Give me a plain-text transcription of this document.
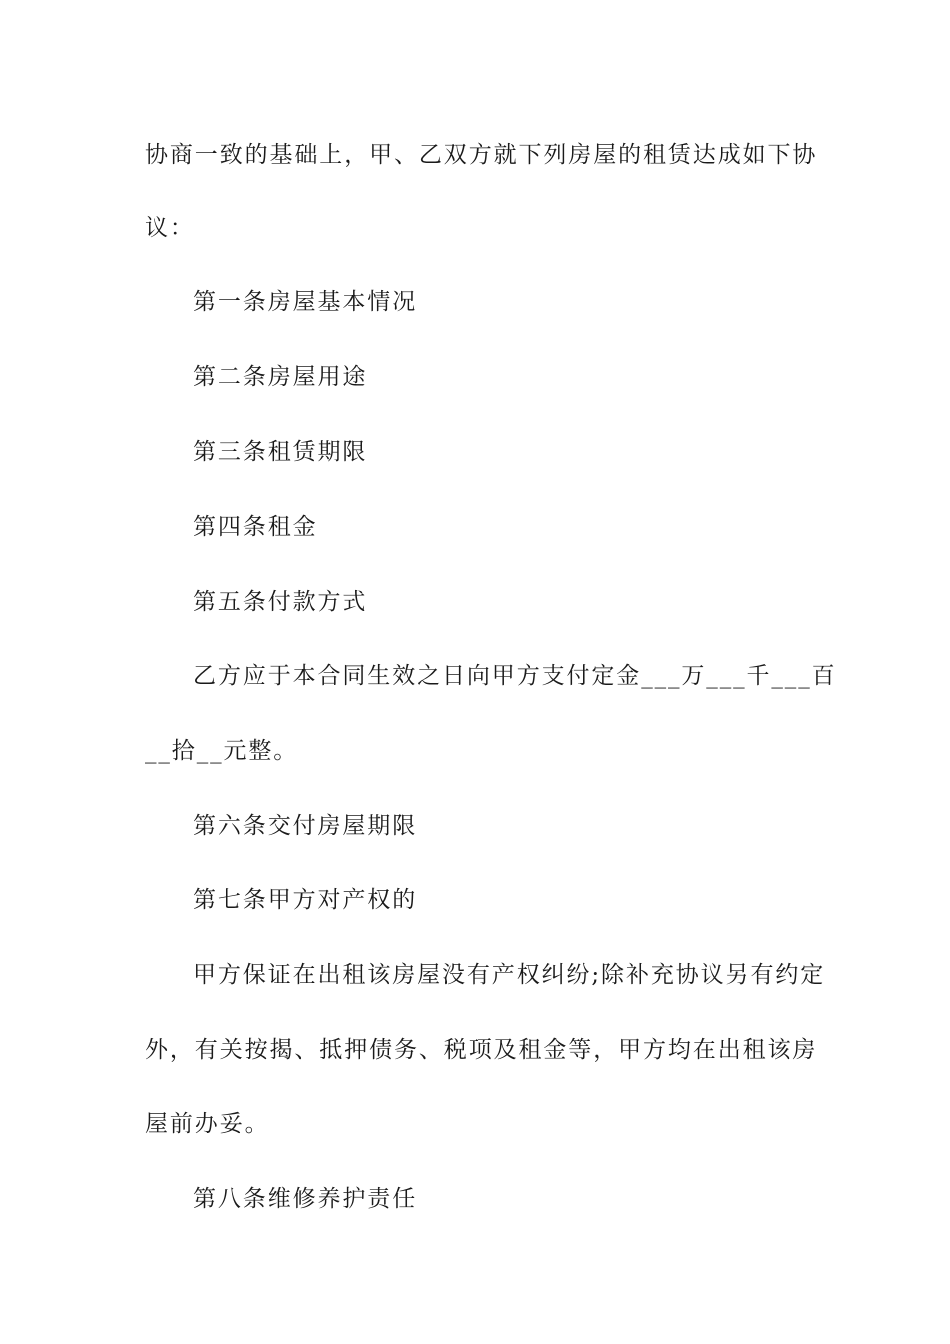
协商一致的基础上，甲、乙双方就下列房屋的租赁达成如下协
议：
第一条房屋基本情况
第二条房屋用途
第三条租赁期限
第四条租金
第五条付款方式
乙方应于本合同生效之日向甲方支付定金___万___千___百
__拾__元整。
第六条交付房屋期限
第七条甲方对产权的
甲方保证在出租该房屋没有产权纠纷;除补充协议另有约定
外，有关按揭、抵押债务、税项及租金等，甲方均在出租该房
屋前办妥。
第八条维修养护责任
